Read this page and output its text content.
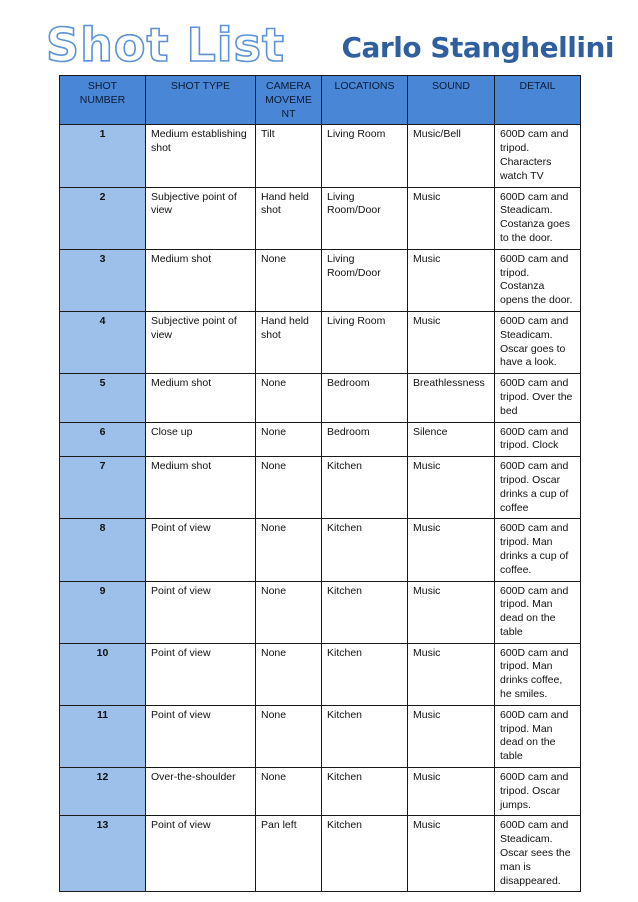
Shot List Carlo Stanghellini
SHOT NUMBER	SHOT TYPE	CAMERA MOVEME NT	LOCATIONS	SOUND	DETAIL
1	Medium establishing shot	Tilt	Living Room	Music/Bell	600D cam and tripod. Characters watch TV
2	Subjective point of view	Hand held shot	Living Room/Door	Music	600D cam and Steadicam. Costanza goes to the door.
3	Medium shot	None	Living Room/Door	Music	600D cam and tripod. Costanza opens the door.
4	Subjective point of view	Hand held shot	Living Room	Music	600D cam and Steadicam. Oscar goes to have a look.
5	Medium shot	None	Bedroom	Breathlessness	600D cam and tripod. Over the bed
6	Close up	None	Bedroom	Silence	600D cam and tripod. Clock
7	Medium shot	None	Kitchen	Music	600D cam and tripod. Oscar drinks a cup of coffee
8	Point of view	None	Kitchen	Music	600D cam and tripod. Man drinks a cup of coffee.
9	Point of view	None	Kitchen	Music	600D cam and tripod. Man dead on the table
10	Point of view	None	Kitchen	Music	600D cam and tripod. Man drinks coffee, he smiles.
11	Point of view	None	Kitchen	Music	600D cam and tripod. Man dead on the table
12	Over-the-shoulder	None	Kitchen	Music	600D cam and tripod. Oscar jumps.
13	Point of view	Pan left	Kitchen	Music	600D cam and Steadicam. Oscar sees the man is disappeared.
